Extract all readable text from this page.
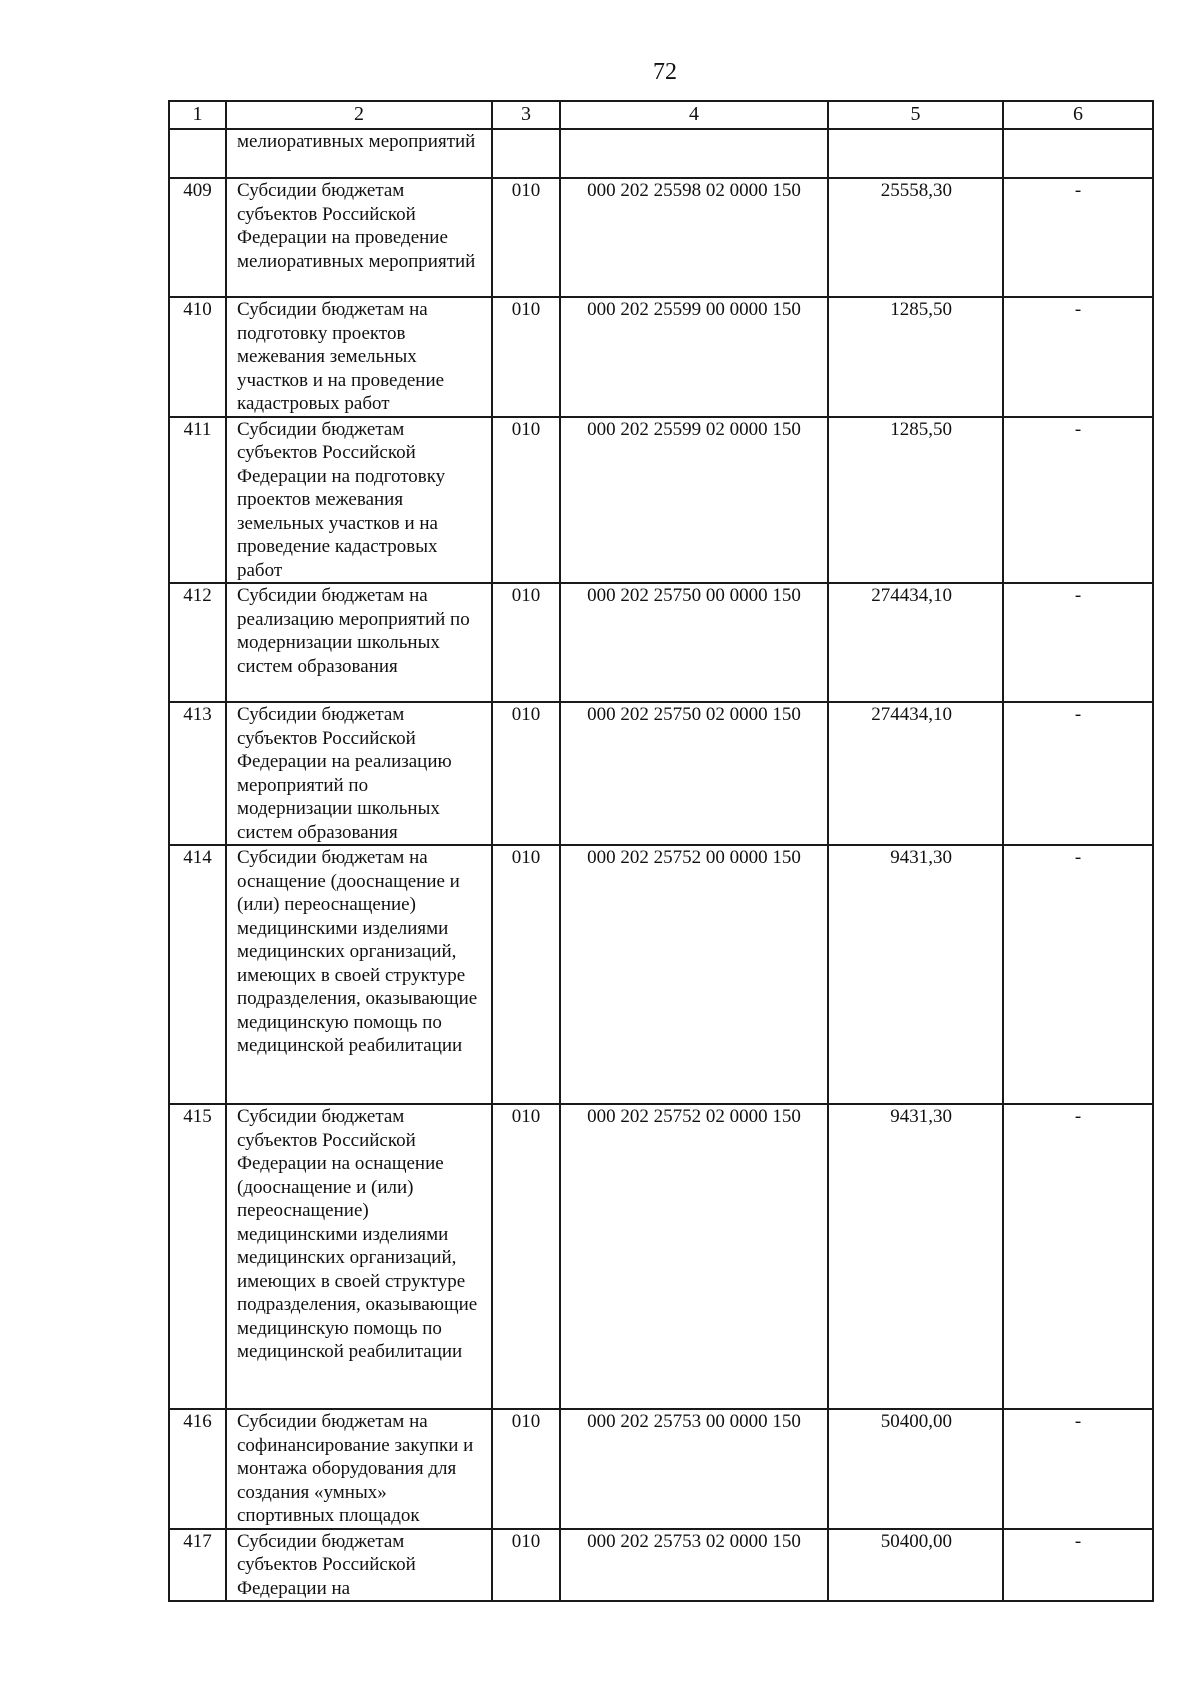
72
1	2	3	4	5	6
	мелиоративных мероприятий				
409	Субсидии бюджетам субъектов Российской Федерации на проведение мелиоративных мероприятий	010	000 202 25598 02 0000 150	25558,30	-
410	Субсидии бюджетам на подготовку проектов межевания земельных участков и на проведение кадастровых работ	010	000 202 25599 00 0000 150	1285,50	-
411	Субсидии бюджетам субъектов Российской Федерации на подготовку проектов межевания земельных участков и на проведение кадастровых работ	010	000 202 25599 02 0000 150	1285,50	-
412	Субсидии бюджетам на реализацию мероприятий по модернизации школьных систем образования	010	000 202 25750 00 0000 150	274434,10	-
413	Субсидии бюджетам субъектов Российской Федерации на реализацию мероприятий по модернизации школьных систем образования	010	000 202 25750 02 0000 150	274434,10	-
414	Субсидии бюджетам на оснащение (дооснащение и (или) переоснащение) медицинскими изделиями медицинских организаций, имеющих в своей структуре подразделения, оказывающие медицинскую помощь по медицинской реабилитации	010	000 202 25752 00 0000 150	9431,30	-
415	Субсидии бюджетам субъектов Российской Федерации на оснащение (дооснащение и (или) переоснащение) медицинскими изделиями медицинских организаций, имеющих в своей структуре подразделения, оказывающие медицинскую помощь по медицинской реабилитации	010	000 202 25752 02 0000 150	9431,30	-
416	Субсидии бюджетам на софинансирование закупки и монтажа оборудования для создания «умных» спортивных площадок	010	000 202 25753 00 0000 150	50400,00	-
417	Субсидии бюджетам субъектов Российской Федерации на	010	000 202 25753 02 0000 150	50400,00	-
